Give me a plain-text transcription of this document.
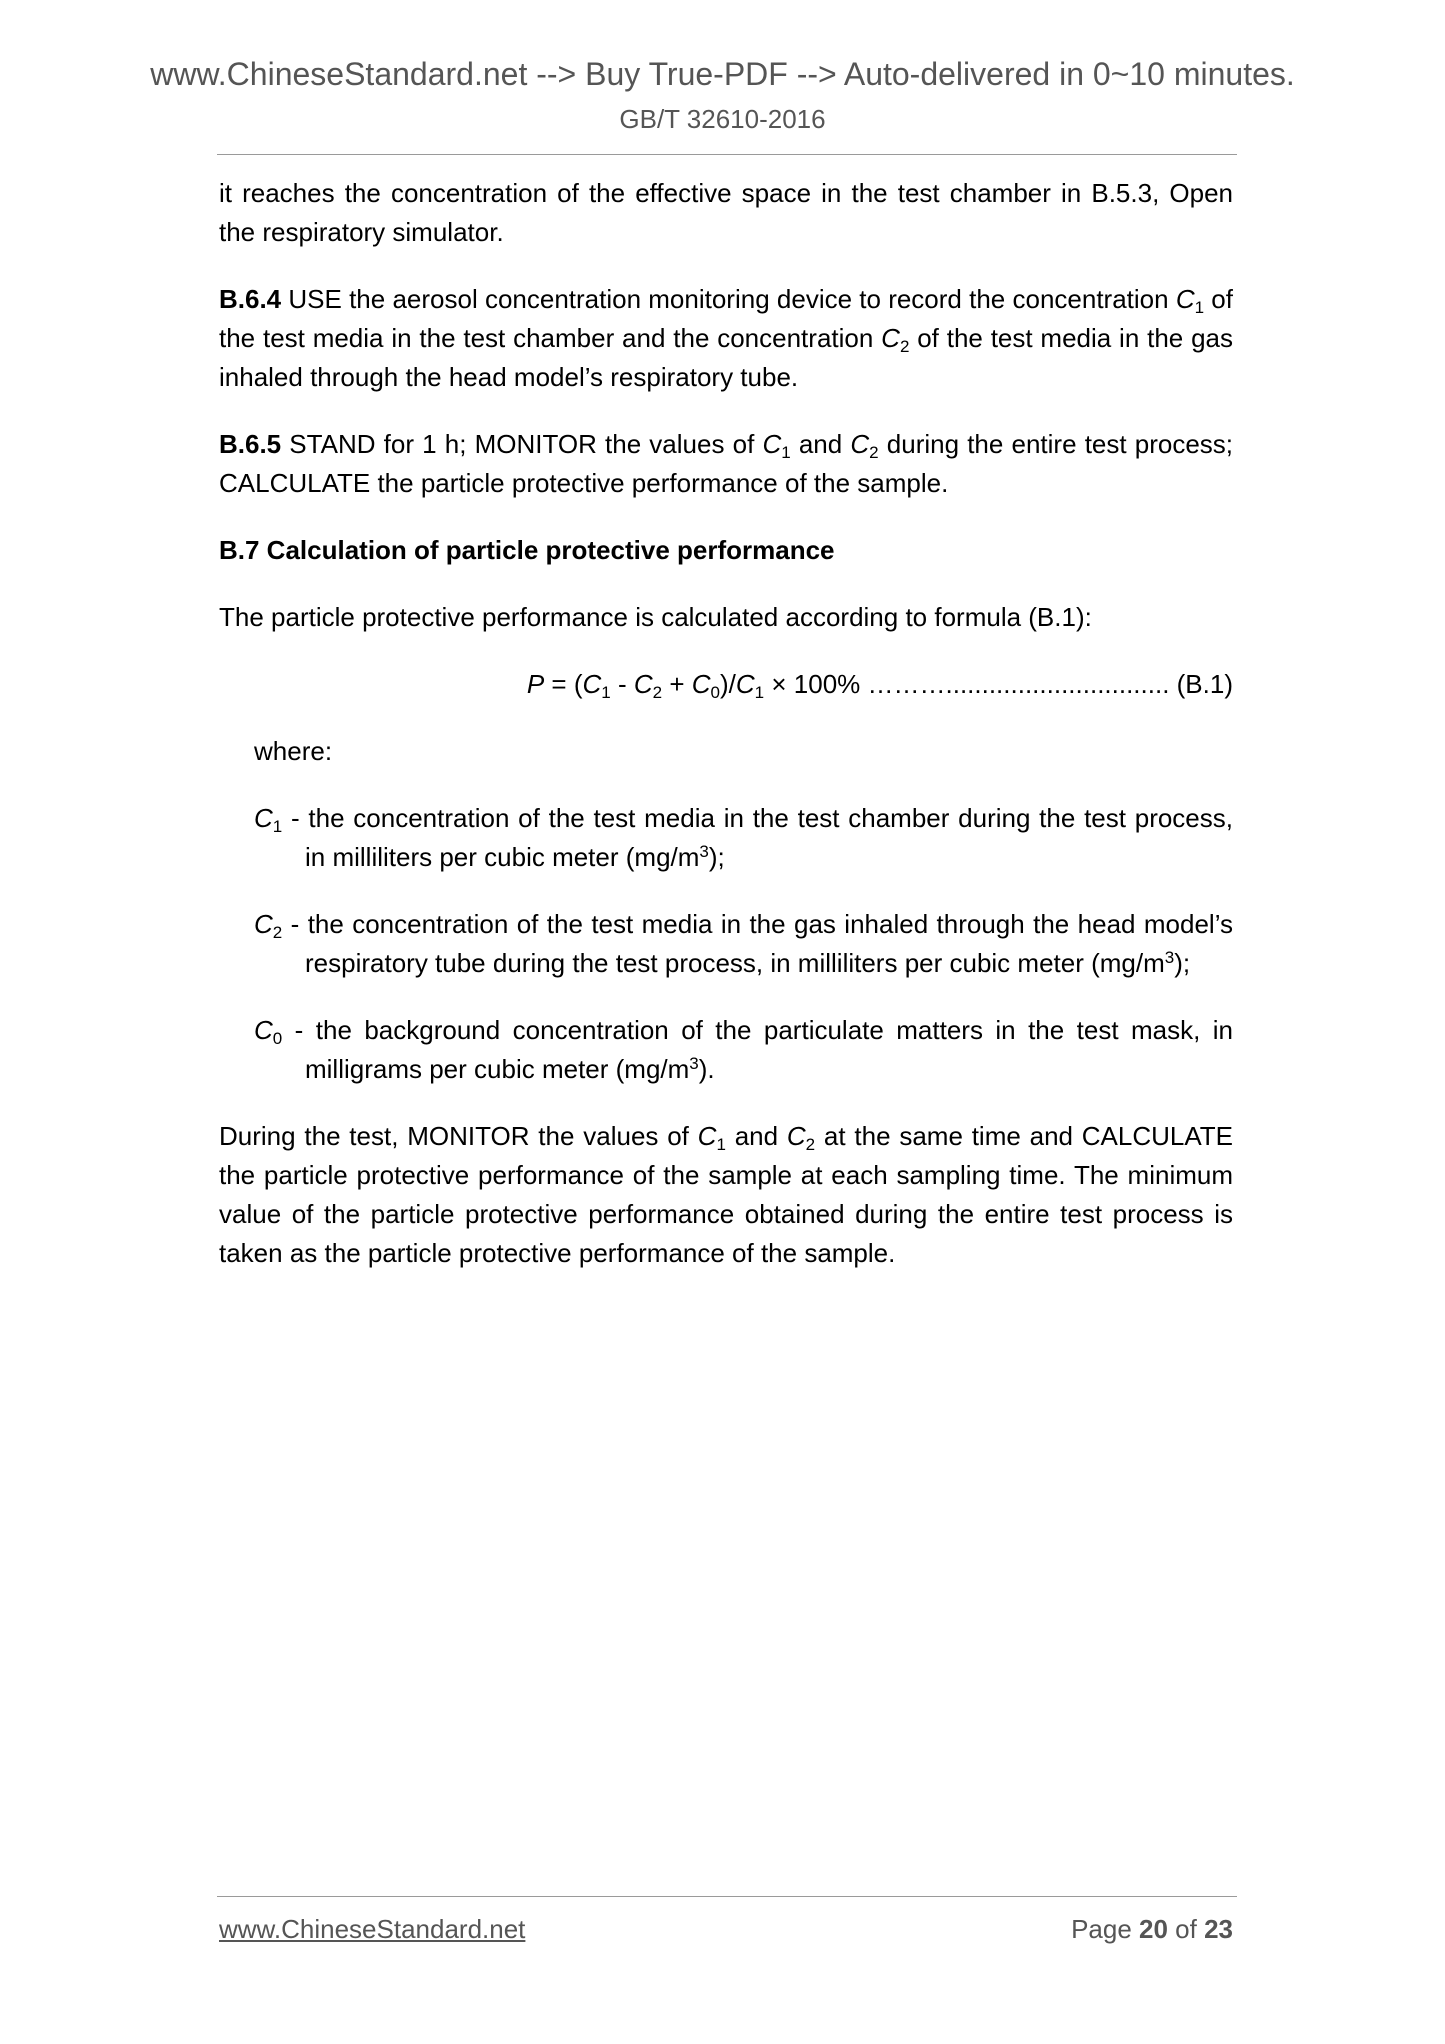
www.ChineseStandard.net --> Buy True-PDF --> Auto-delivered in 0~10 minutes.
GB/T 32610-2016

it reaches the concentration of the effective space in the test chamber in B.5.3, Open the respiratory simulator.

B.6.4 USE the aerosol concentration monitoring device to record the concentration $C_1$ of the test media in the test chamber and the concentration $C_2$ of the test media in the gas inhaled through the head model’s respiratory tube.

B.6.5 STAND for 1 h; MONITOR the values of $C_1$ and $C_2$ during the entire test process; CALCULATE the particle protective performance of the sample.

B.7 Calculation of particle protective performance

The particle protective performance is calculated according to formula (B.1):

$P = (C_1 - C_2 + C_0)/C_1 \times 100\%$ ………............................... (B.1)

where:

$C_1$ - the concentration of the test media in the test chamber during the test process, in milliliters per cubic meter $(mg/m^3)$;

$C_2$ - the concentration of the test media in the gas inhaled through the head model’s respiratory tube during the test process, in milliliters per cubic meter $(mg/m^3)$;

$C_0$ - the background concentration of the particulate matters in the test mask, in milligrams per cubic meter $(mg/m^3)$.

During the test, MONITOR the values of $C_1$ and $C_2$ at the same time and CALCULATE the particle protective performance of the sample at each sampling time. The minimum value of the particle protective performance obtained during the entire test process is taken as the particle protective performance of the sample.

www.ChineseStandard.net	Page 20 of 23
